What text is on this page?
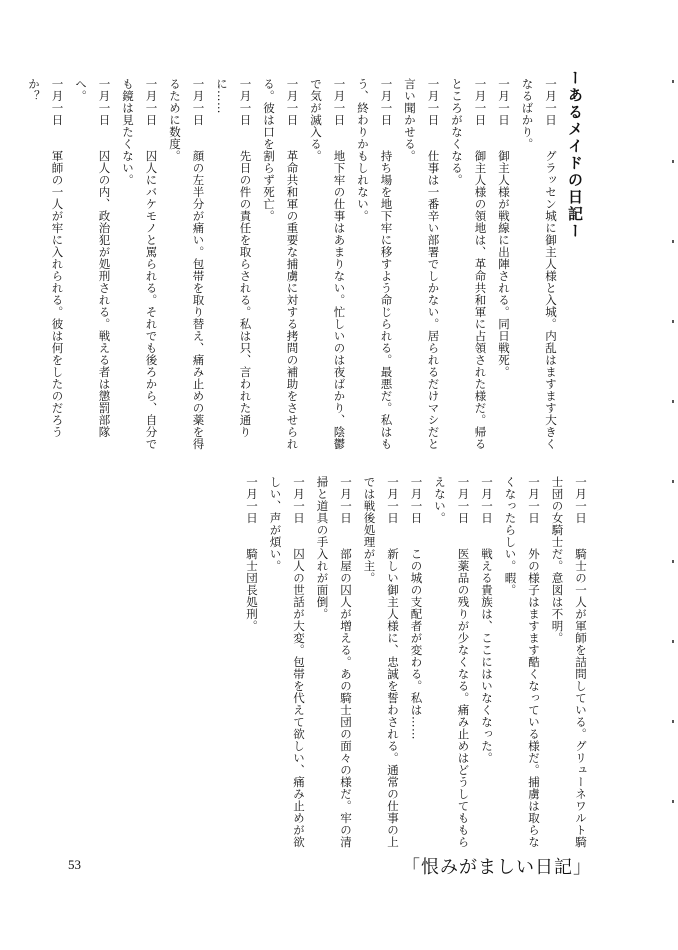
ーあるメイドの日記ー
一月一日　グラッセン城に御主人様と入城。内乱はますます大きくなるばかり。
一月一日　御主人様が戦線に出陣される。同日戦死。
一月一日　御主人様の領地は、革命共和軍に占領された様だ。帰るところがなくなる。
一月一日　仕事は一番辛い部署でしかない。居られるだけマシだと言い聞かせる。
一月一日　持ち場を地下牢に移すよう命じられる。最悪だ。私はもう、終わりかもしれない。
一月一日　地下牢の仕事はあまりない。忙しいのは夜ばかり、陰鬱で気が滅入る。
一月一日　革命共和軍の重要な捕虜に対する拷問の補助をさせられる。彼は口を割らず死亡。
一月一日　先日の件の責任を取らされる。私は只、言われた通りに……
一月一日　顔の左半分が痛い。包帯を取り替え、痛み止めの薬を得るために数度。
一月一日　囚人にバケモノと罵られる。それでも後ろから、自分でも鏡は見たくない。
一月一日　囚人の内、政治犯が処刑される。戦える者は懲罰部隊へ。
一月一日　軍師の一人が牢に入れられる。彼は何をしたのだろうか？
一月一日　騎士の一人が軍師を詰問している。グリューネワルト騎士団の女騎士だ。意図は不明。
一月一日　外の様子はますます酷くなっている様だ。捕虜は取らなくなったらしい。暇。
一月一日　戦える貴族は、ここにはいなくなった。
一月一日　医薬品の残りが少なくなる。痛み止めはどうしてももらえない。
一月一日　この城の支配者が変わる。私は……
一月一日　新しい御主人様に、忠誠を誓わされる。通常の仕事の上では戦後処理が主。
一月一日　部屋の囚人が増える。あの騎士団の面々の様だ。牢の清掃と道具の手入れが面倒。
一月一日　囚人の世話が大変。包帯を代えて欲しい、痛み止めが欲しい、声が煩い。
一月一日　騎士団長処刑。
53	「恨みがましい日記」
